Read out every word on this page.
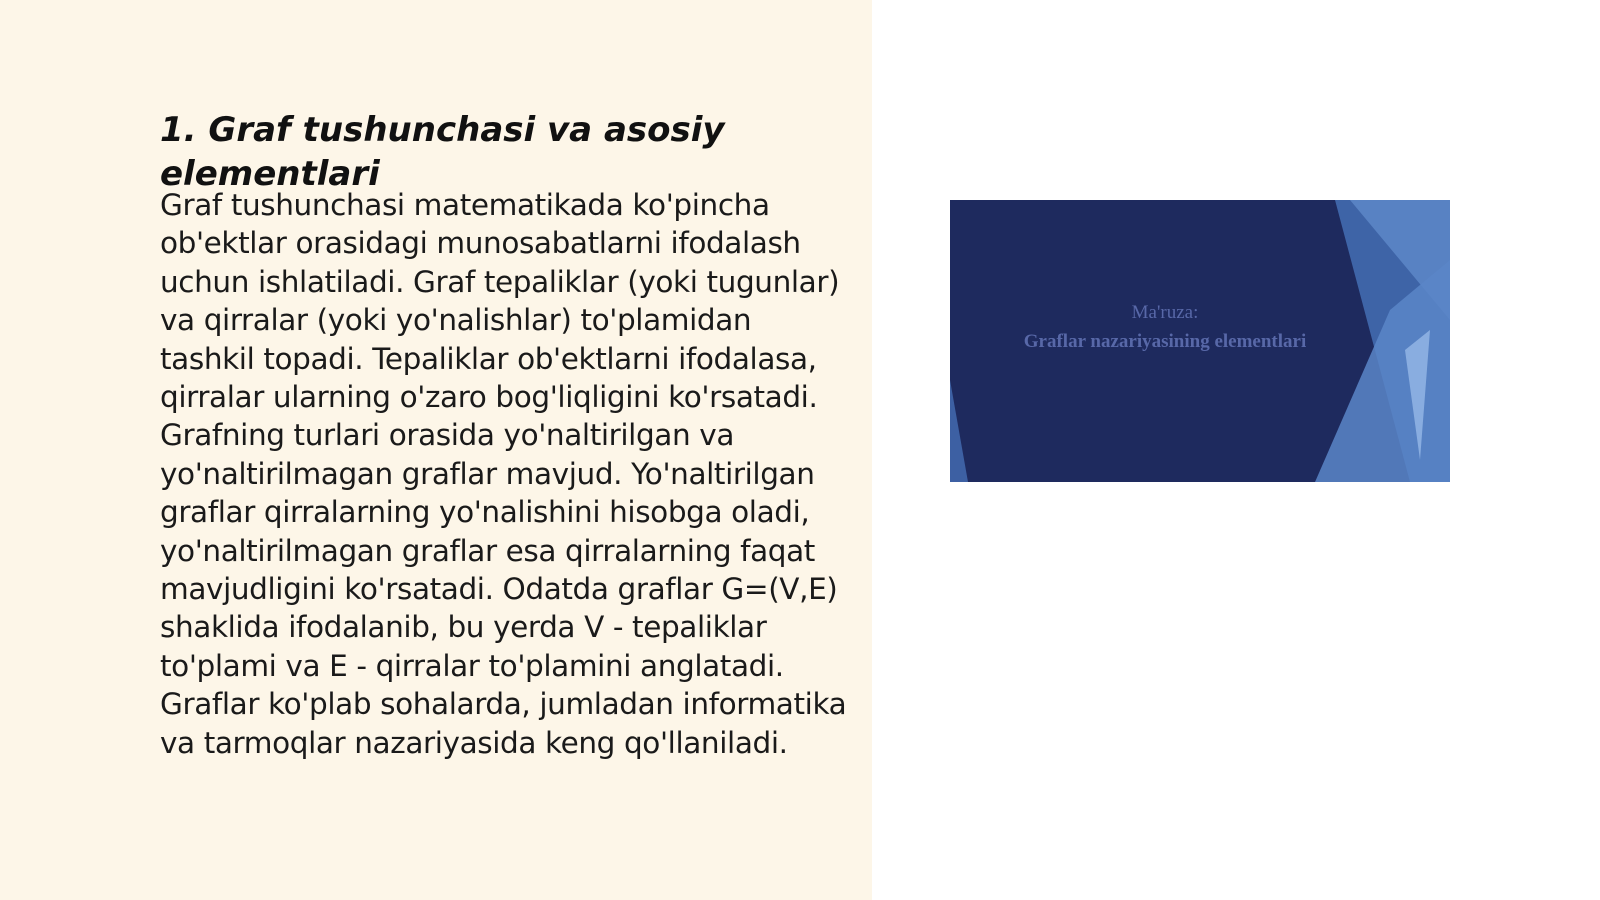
1. Graf tushunchasi va asosiy elementlari

Graf tushunchasi matematikada ko'pincha ob'ektlar orasidagi munosabatlarni ifodalash uchun ishlatiladi. Graf tepaliklar (yoki tugunlar) va qirralar (yoki yo'nalishlar) to'plamidan tashkil topadi. Tepaliklar ob'ektlarni ifodalasa, qirralar ularning o'zaro bog'liqligini ko'rsatadi. Grafning turlari orasida yo'naltirilgan va yo'naltirilmagan graflar mavjud. Yo'naltirilgan graflar qirralarning yo'nalishini hisobga oladi, yo'naltirilmagan graflar esa qirralarning faqat mavjudligini ko'rsatadi. Odatda graflar G=(V,E) shaklida ifodalanib, bu yerda V - tepaliklar to'plami va E - qirralar to'plamini anglatadi. Graflar ko'plab sohalarda, jumladan informatika va tarmoqlar nazariyasida keng qo'llaniladi.

Ma'ruza:
Graflar nazariyasining elementlari
